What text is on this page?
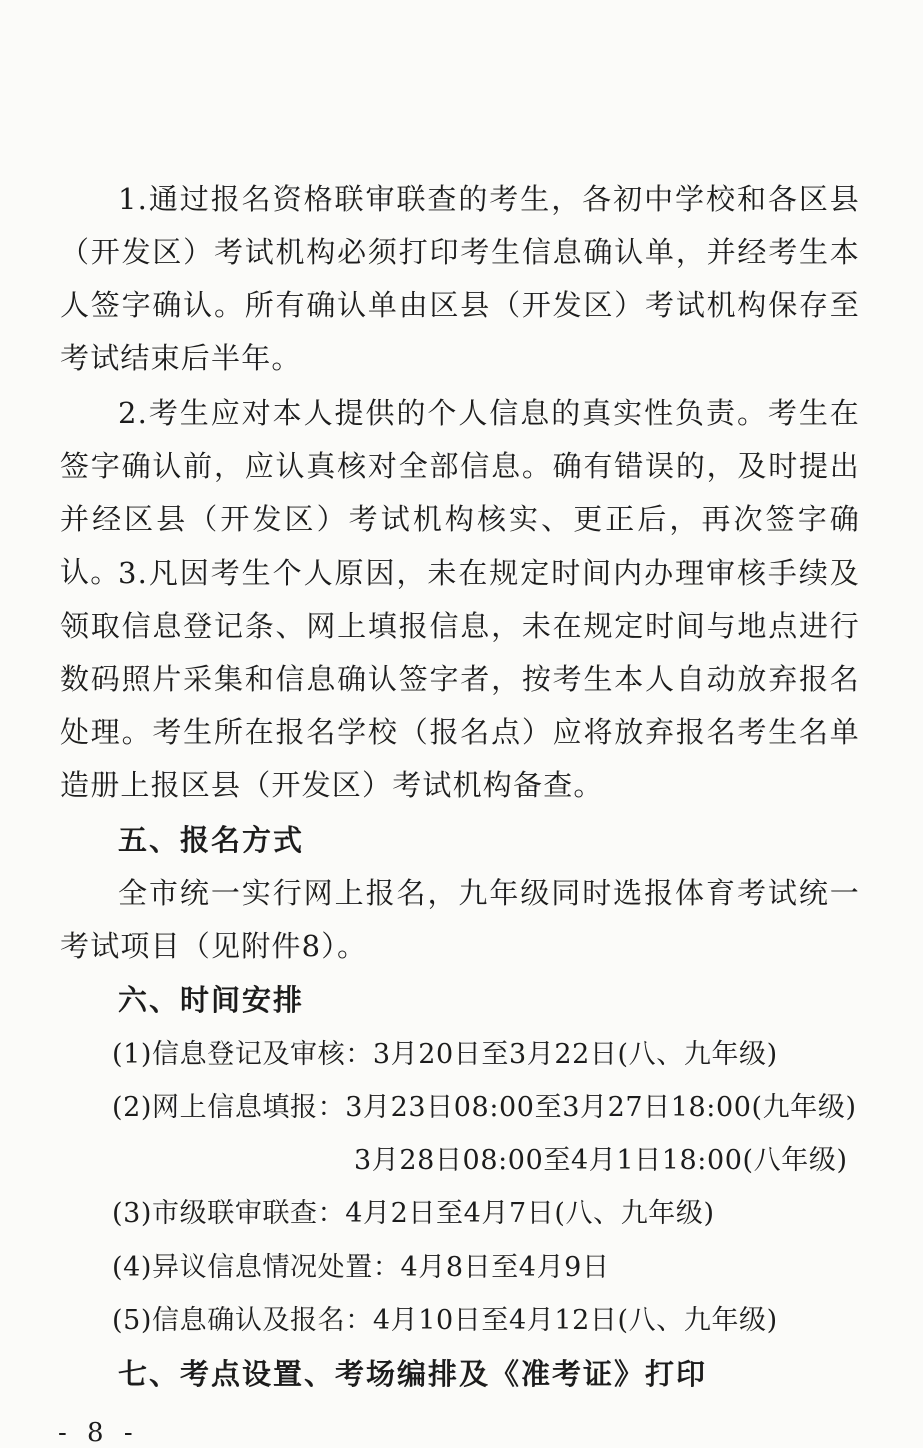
1.通过报名资格联审联查的考生，各初中学校和各区县（开发区）考试机构必须打印考生信息确认单，并经考生本人签字确认。所有确认单由区县（开发区）考试机构保存至考试结束后半年。

2.考生应对本人提供的个人信息的真实性负责。考生在签字确认前，应认真核对全部信息。确有错误的，及时提出并经区县（开发区）考试机构核实、更正后，再次签字确认。

3.凡因考生个人原因，未在规定时间内办理审核手续及领取信息登记条、网上填报信息，未在规定时间与地点进行数码照片采集和信息确认签字者，按考生本人自动放弃报名处理。考生所在报名学校（报名点）应将放弃报名考生名单造册上报区县（开发区）考试机构备查。

五、报名方式

全市统一实行网上报名，九年级同时选报体育考试统一考试项目（见附件8）。

六、时间安排

(1)信息登记及审核：3月20日至3月22日(八、九年级)

(2)网上信息填报：3月23日08:00至3月27日18:00(九年级)

3月28日08:00至4月1日18:00(八年级)

(3)市级联审联查：4月2日至4月7日(八、九年级)

(4)异议信息情况处置：4月8日至4月9日

(5)信息确认及报名：4月10日至4月12日(八、九年级)

七、考点设置、考场编排及《准考证》打印

- 8 -
